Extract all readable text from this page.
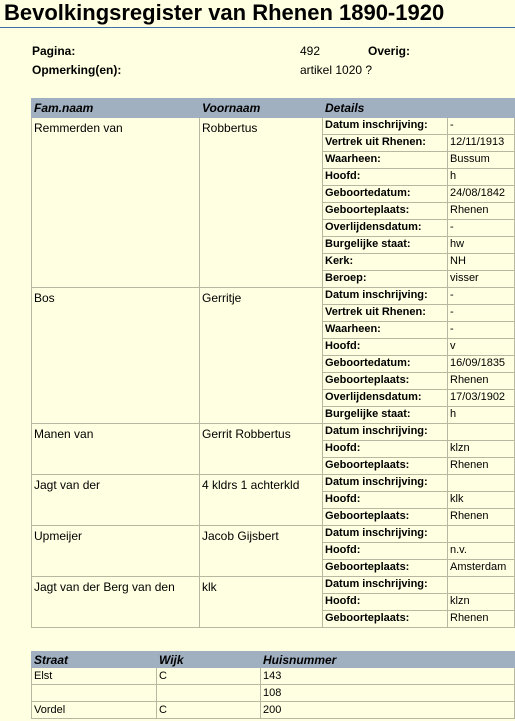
Bevolkingsregister van Rhenen 1890-1920
Pagina:	492	Overig:
Opmerking(en):	artikel 1020 ?
Fam.naam	Voornaam	Details
Remmerden van	Robbertus		Datum inschrijving:	-
Vertrek uit Rhenen:	12/11/1913
Waarheen:	Bussum
Hoofd:	h
Geboortedatum:	24/08/1842
Geboorteplaats:	Rhenen
Overlijdensdatum:	-
Burgelijke staat:	hw
Kerk:	NH
Beroep:	visser

Bos	Gerritje		Datum inschrijving:	-
Vertrek uit Rhenen:	-
Waarheen:	-
Hoofd:	v
Geboortedatum:	16/09/1835
Geboorteplaats:	Rhenen
Overlijdensdatum:	17/03/1902
Burgelijke staat:	h

Manen van	Gerrit Robbertus		Datum inschrijving:	
Hoofd:	klzn
Geboorteplaats:	Rhenen

Jagt van der	4 kldrs 1 achterkld	Datum inschrijving:	
Hoofd:	klk
Geboorteplaats:	Rhenen

Upmeijer	Jacob Gijsbert		Datum inschrijving:	
Hoofd:	n.v.
Geboorteplaats:	Amsterdam

Jagt van der Berg van den	klk		Datum inschrijving:	
Hoofd:	klzn
Geboorteplaats:	Rhenen
Straat	Wijk	Huisnummer
Elst	C	143
		108
Vordel	C	200
